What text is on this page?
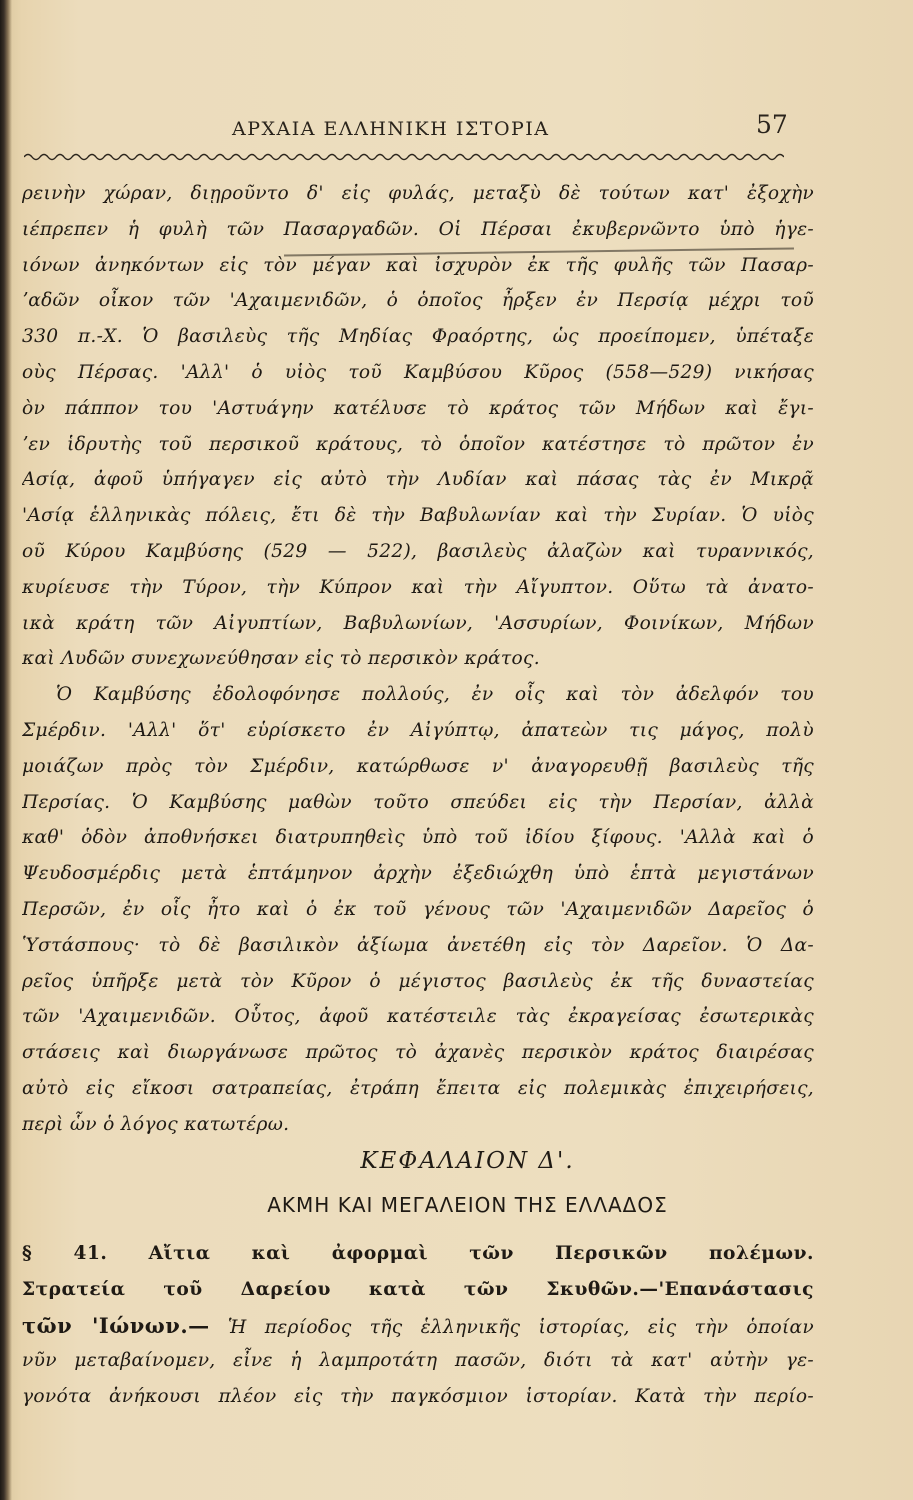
ΑΡΧΑΙΑ ΕΛΛΗΝΙΚΗ ΙΣΤΟΡΙΑ	57
ρεινὴν χώραν, διῃροῦντο δ' εἰς φυλάς, μεταξὺ δὲ τούτων κατ' ἐξοχὴν
ιέπρεπεν ἡ φυλὴ τῶν Πασαργαδῶν. Οἱ Πέρσαι ἐκυβερνῶντο ὑπὸ ἡγε-
ιόνων ἀνηκόντων εἰς τὸν μέγαν καὶ ἰσχυρὸν ἐκ τῆς φυλῆς τῶν Πασαρ-
ʼαδῶν οἶκον τῶν 'Αχαιμενιδῶν, ὁ ὁποῖος ἦρξεν ἐν Περσίᾳ μέχρι τοῦ
330 π.-Χ. Ὁ βασιλεὺς τῆς Μηδίας Φραόρτης, ὡς προείπομεν, ὑπέταξε
οὺς Πέρσας. 'Αλλ' ὁ υἱὸς τοῦ Καμβύσου Κῦρος (558—529) νικήσας
ὸν πάππον του 'Αστυάγην κατέλυσε τὸ κράτος τῶν Μήδων καὶ ἔγι-
ʼεν ἱδρυτὴς τοῦ περσικοῦ κράτους, τὸ ὁποῖον κατέστησε τὸ πρῶτον ἐν
Ασίᾳ, ἀφοῦ ὑπήγαγεν εἰς αὐτὸ τὴν Λυδίαν καὶ πάσας τὰς ἐν Μικρᾷ
'Ασίᾳ ἑλληνικὰς πόλεις, ἔτι δὲ τὴν Βαβυλωνίαν καὶ τὴν Συρίαν. Ὁ υἱὸς
οῦ Κύρου Καμβύσης (529 — 522), βασιλεὺς ἀλαζὼν καὶ τυραννικός,
κυρίευσε τὴν Τύρον, τὴν Κύπρον καὶ τὴν Αἴγυπτον. Οὕτω τὰ ἀνατο-
ικὰ κράτη τῶν Αἰγυπτίων, Βαβυλωνίων, 'Ασσυρίων, Φοινίκων, Μήδων
καὶ Λυδῶν συνεχωνεύθησαν εἰς τὸ περσικὸν κράτος.
Ὁ Καμβύσης ἐδολοφόνησε πολλούς, ἐν οἷς καὶ τὸν ἀδελφόν του
Σμέρδιν. 'Αλλ' ὅτ' εὑρίσκετο ἐν Αἰγύπτῳ, ἀπατεὼν τις μάγος, πολὺ
μοιάζων πρὸς τὸν Σμέρδιν, κατώρθωσε ν' ἀναγορευθῇ βασιλεὺς τῆς
Περσίας. Ὁ Καμβύσης μαθὼν τοῦτο σπεύδει εἰς τὴν Περσίαν, ἀλλὰ
καθ' ὁδὸν ἀποθνήσκει διατρυπηθεὶς ὑπὸ τοῦ ἰδίου ξίφους. 'Αλλὰ καὶ ὁ
Ψευδοσμέρδις μετὰ ἑπτάμηνον ἀρχὴν ἐξεδιώχθη ὑπὸ ἑπτὰ μεγιστάνων
Περσῶν, ἐν οἷς ἦτο καὶ ὁ ἐκ τοῦ γένους τῶν 'Αχαιμενιδῶν Δαρεῖος ὁ
Ὑστάσπους· τὸ δὲ βασιλικὸν ἀξίωμα ἀνετέθη εἰς τὸν Δαρεῖον. Ὁ Δα-
ρεῖος ὑπῆρξε μετὰ τὸν Κῦρον ὁ μέγιστος βασιλεὺς ἐκ τῆς δυναστείας
τῶν 'Αχαιμενιδῶν. Οὗτος, ἀφοῦ κατέστειλε τὰς ἐκραγείσας ἐσωτερικὰς
στάσεις καὶ διωργάνωσε πρῶτος τὸ ἀχανὲς περσικὸν κράτος διαιρέσας
αὐτὸ εἰς εἴκοσι σατραπείας, ἐτράπη ἔπειτα εἰς πολεμικὰς ἐπιχειρήσεις,
περὶ ὧν ὁ λόγος κατωτέρω.
ΚΕΦΑΛΑΙΟΝ Δ'.
ΑΚΜΗ ΚΑΙ ΜΕΓΑΛΕΙΟΝ ΤΗΣ ΕΛΛΑΔΟΣ
§ 41. Αἴτια καὶ ἀφορμαὶ τῶν Περσικῶν πολέμων.
Στρατεία τοῦ Δαρείου κατὰ τῶν Σκυθῶν.—'Επανάστασις
τῶν 'Ιώνων.— Ἡ περίοδος τῆς ἑλληνικῆς ἱστορίας, εἰς τὴν ὁποίαν
νῦν μεταβαίνομεν, εἶνε ἡ λαμπροτάτη πασῶν, διότι τὰ κατ' αὐτὴν γε-
γονότα ἀνήκουσι πλέον εἰς τὴν παγκόσμιον ἱστορίαν. Κατὰ τὴν περίο-
